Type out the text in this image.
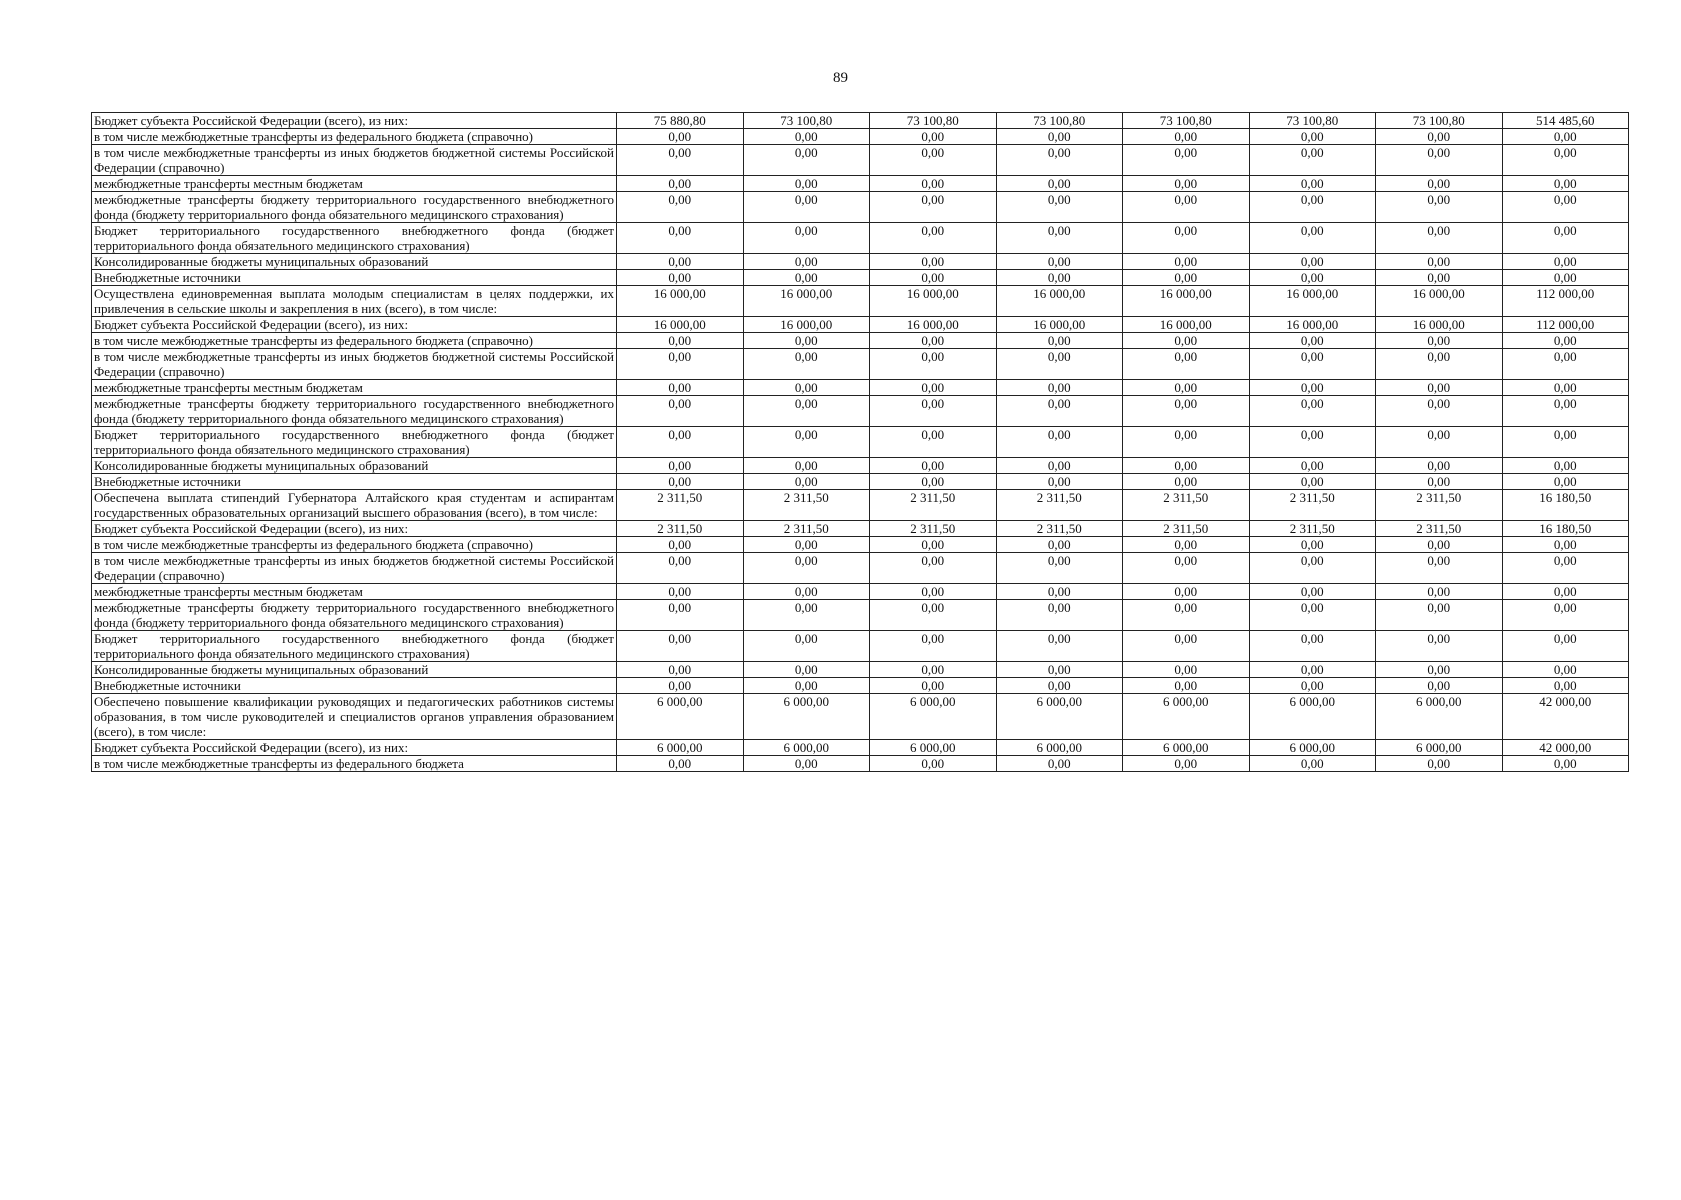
89
Бюджет субъекта Российской Федерации (всего), из них:	75 880,80	73 100,80	73 100,80	73 100,80	73 100,80	73 100,80	73 100,80	514 485,60
в том числе межбюджетные трансферты из федерального бюджета (справочно)	0,00	0,00	0,00	0,00	0,00	0,00	0,00	0,00
в том числе межбюджетные трансферты из иных бюджетов бюджетной системы Российской Федерации (справочно)	0,00	0,00	0,00	0,00	0,00	0,00	0,00	0,00
межбюджетные трансферты местным бюджетам	0,00	0,00	0,00	0,00	0,00	0,00	0,00	0,00
межбюджетные трансферты бюджету территориального государственного внебюджетного фонда (бюджету территориального фонда обязательного медицинского страхования)	0,00	0,00	0,00	0,00	0,00	0,00	0,00	0,00
Бюджет территориального государственного внебюджетного фонда (бюджет территориального фонда обязательного медицинского страхования)	0,00	0,00	0,00	0,00	0,00	0,00	0,00	0,00
Консолидированные бюджеты муниципальных образований	0,00	0,00	0,00	0,00	0,00	0,00	0,00	0,00
Внебюджетные источники	0,00	0,00	0,00	0,00	0,00	0,00	0,00	0,00
Осуществлена единовременная выплата молодым специалистам в целях поддержки, их привлечения в сельские школы и закрепления в них (всего), в том числе:	16 000,00	16 000,00	16 000,00	16 000,00	16 000,00	16 000,00	16 000,00	112 000,00
Бюджет субъекта Российской Федерации (всего), из них:	16 000,00	16 000,00	16 000,00	16 000,00	16 000,00	16 000,00	16 000,00	112 000,00
в том числе межбюджетные трансферты из федерального бюджета (справочно)	0,00	0,00	0,00	0,00	0,00	0,00	0,00	0,00
в том числе межбюджетные трансферты из иных бюджетов бюджетной системы Российской Федерации (справочно)	0,00	0,00	0,00	0,00	0,00	0,00	0,00	0,00
межбюджетные трансферты местным бюджетам	0,00	0,00	0,00	0,00	0,00	0,00	0,00	0,00
межбюджетные трансферты бюджету территориального государственного внебюджетного фонда (бюджету территориального фонда обязательного медицинского страхования)	0,00	0,00	0,00	0,00	0,00	0,00	0,00	0,00
Бюджет территориального государственного внебюджетного фонда (бюджет территориального фонда обязательного медицинского страхования)	0,00	0,00	0,00	0,00	0,00	0,00	0,00	0,00
Консолидированные бюджеты муниципальных образований	0,00	0,00	0,00	0,00	0,00	0,00	0,00	0,00
Внебюджетные источники	0,00	0,00	0,00	0,00	0,00	0,00	0,00	0,00
Обеспечена выплата стипендий Губернатора Алтайского края студентам и аспирантам государственных образовательных организаций высшего образования (всего), в том числе:	2 311,50	2 311,50	2 311,50	2 311,50	2 311,50	2 311,50	2 311,50	16 180,50
Бюджет субъекта Российской Федерации (всего), из них:	2 311,50	2 311,50	2 311,50	2 311,50	2 311,50	2 311,50	2 311,50	16 180,50
в том числе межбюджетные трансферты из федерального бюджета (справочно)	0,00	0,00	0,00	0,00	0,00	0,00	0,00	0,00
в том числе межбюджетные трансферты из иных бюджетов бюджетной системы Российской Федерации (справочно)	0,00	0,00	0,00	0,00	0,00	0,00	0,00	0,00
межбюджетные трансферты местным бюджетам	0,00	0,00	0,00	0,00	0,00	0,00	0,00	0,00
межбюджетные трансферты бюджету территориального государственного внебюджетного фонда (бюджету территориального фонда обязательного медицинского страхования)	0,00	0,00	0,00	0,00	0,00	0,00	0,00	0,00
Бюджет территориального государственного внебюджетного фонда (бюджет территориального фонда обязательного медицинского страхования)	0,00	0,00	0,00	0,00	0,00	0,00	0,00	0,00
Консолидированные бюджеты муниципальных образований	0,00	0,00	0,00	0,00	0,00	0,00	0,00	0,00
Внебюджетные источники	0,00	0,00	0,00	0,00	0,00	0,00	0,00	0,00
Обеспечено повышение квалификации руководящих и педагогических работников системы образования, в том числе руководителей и специалистов органов управления образованием (всего), в том числе:	6 000,00	6 000,00	6 000,00	6 000,00	6 000,00	6 000,00	6 000,00	42 000,00
Бюджет субъекта Российской Федерации (всего), из них:	6 000,00	6 000,00	6 000,00	6 000,00	6 000,00	6 000,00	6 000,00	42 000,00
в том числе межбюджетные трансферты из федерального бюджета	0,00	0,00	0,00	0,00	0,00	0,00	0,00	0,00
